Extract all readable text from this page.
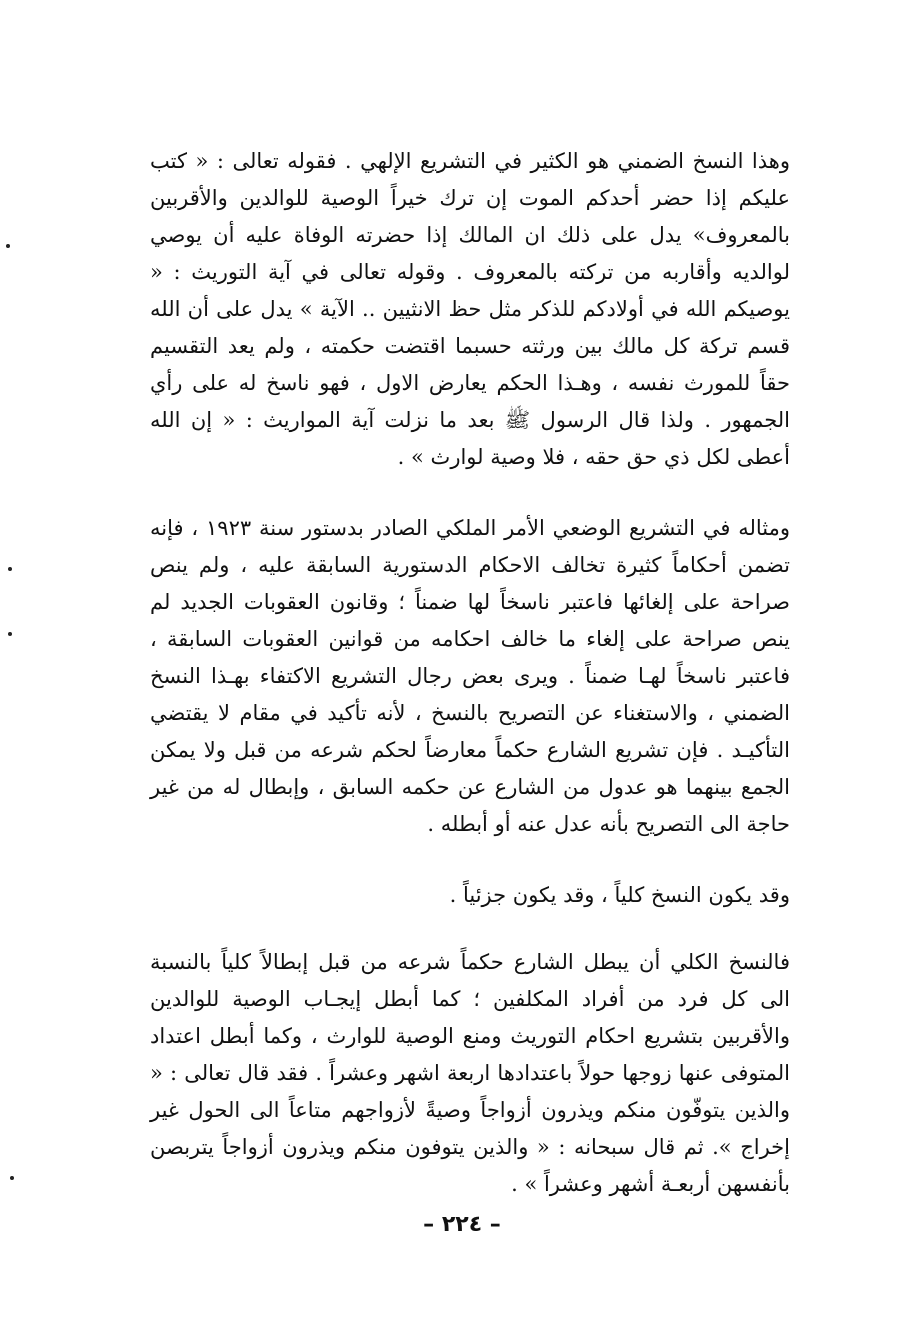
وهذا النسخ الضمني هو الكثير في التشريع الإلهي . فقوله تعالى : « كتب عليكم إذا حضر أحدكم الموت إن ترك خيراً الوصية للوالدين والأقربين بالمعروف» يدل على ذلك ان المالك إذا حضرته الوفاة عليه أن يوصي لوالديه وأقاربه من تركته بالمعروف . وقوله تعالى في آية التوريث : « يوصيكم الله في أولادكم للذكر مثل حظ الانثيين .. الآية » يدل على أن الله قسم تركة كل مالك بين ورثته حسبما اقتضت حكمته ، ولم يعد التقسيم حقاً للمورث نفسه ، وهـذا الحكم يعارض الاول ، فهو ناسخ له على رأي الجمهور . ولذا قال الرسول ﷺ بعد ما نزلت آية المواريث : « إن الله أعطى لكل ذي حق حقه ، فلا وصية لوارث » .

ومثاله في التشريع الوضعي الأمر الملكي الصادر بدستور سنة ١٩٢٣ ، فإنه تضمن أحكاماً كثيرة تخالف الاحكام الدستورية السابقة عليه ، ولم ينص صراحة على إلغائها فاعتبر ناسخاً لها ضمناً ؛ وقانون العقوبات الجديد لم ينص صراحة على إلغاء ما خالف احكامه من قوانين العقوبات السابقة ، فاعتبر ناسخاً لهـا ضمناً . ويرى بعض رجال التشريع الاكتفاء بهـذا النسخ الضمني ، والاستغناء عن التصريح بالنسخ ، لأنه تأكيد في مقام لا يقتضي التأكيـد . فإن تشريع الشارع حكماً معارضاً لحكم شرعه من قبل ولا يمكن الجمع بينهما هو عدول من الشارع عن حكمه السابق ، وإبطال له من غير حاجة الى التصريح بأنه عدل عنه أو أبطله .

وقد يكون النسخ كلياً ، وقد يكون جزئياً .

فالنسخ الكلي أن يبطل الشارع حكماً شرعه من قبل إبطالاً كلياً بالنسبة الى كل فرد من أفراد المكلفين ؛ كما أبطل إيجـاب الوصية للوالدين والأقربين بتشريع احكام التوريث ومنع الوصية للوارث ، وكما أبطل اعتداد المتوفى عنها زوجها حولاً باعتدادها اربعة اشهر وعشراً . فقد قال تعالى : « والذين يتوفّون منكم ويذرون أزواجاً وصيةً لأزواجهم متاعاً الى الحول غير إخراج ». ثم قال سبحانه : « والذين يتوفون منكم ويذرون أزواجاً يتربصن بأنفسهن أربعـة أشهر وعشراً » .

– ٢٢٤ –
